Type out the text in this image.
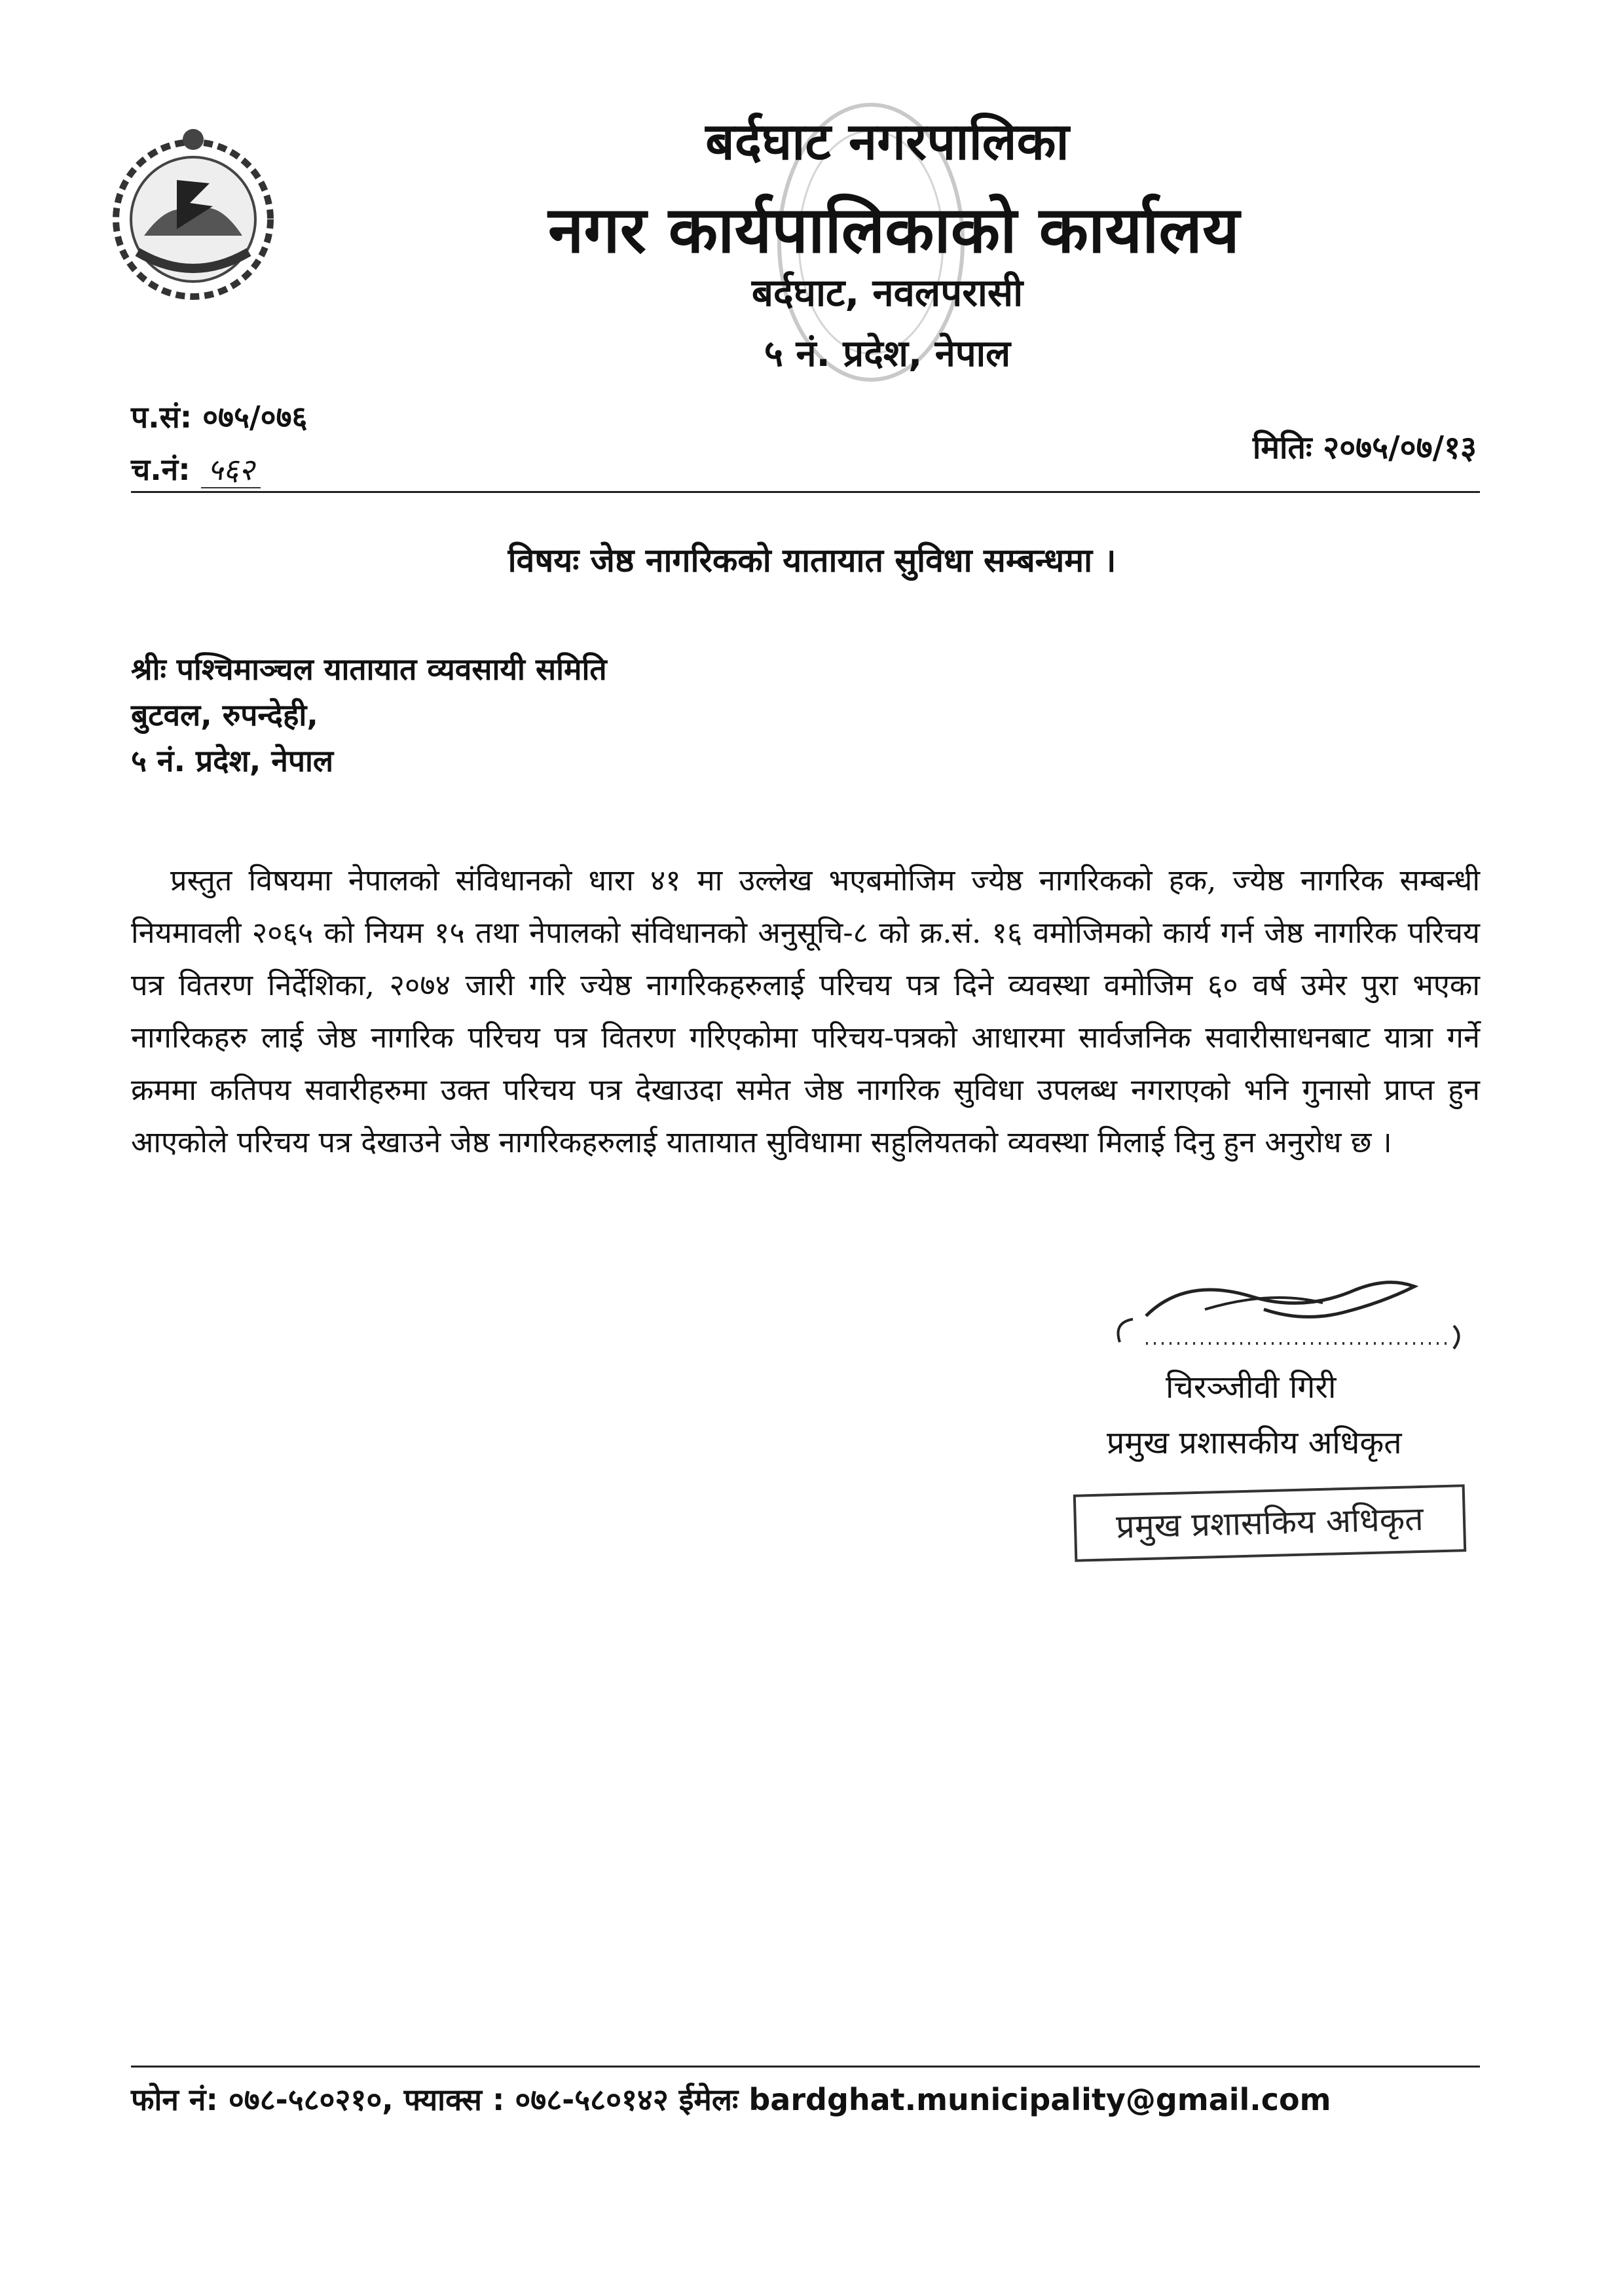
बर्दघाट नगरपालिका
नगर कार्यपालिकाको कार्यालय
बर्दघाट, नवलपरासी
५ नं. प्रदेश, नेपाल
प.सं: ०७५/०७६
च.नं: ५६२
मितिः २०७५/०७/१३
विषयः जेष्ठ नागरिकको यातायात सुविधा सम्बन्धमा ।
श्रीः पश्चिमाञ्चल यातायात व्यवसायी समिति
बुटवल, रुपन्देही,
५ नं. प्रदेश, नेपाल
प्रस्तुत विषयमा नेपालको संविधानको धारा ४१ मा उल्लेख भएबमोजिम ज्येष्ठ नागरिकको हक, ज्येष्ठ नागरिक सम्बन्धी नियमावली २०६५ को नियम १५ तथा नेपालको संविधानको अनुसूचि-८ को क्र.सं. १६ वमोजिमको कार्य गर्न जेष्ठ नागरिक परिचय पत्र वितरण निर्देशिका, २०७४ जारी गरि ज्येष्ठ नागरिकहरुलाई परिचय पत्र दिने व्यवस्था वमोजिम ६० वर्ष उमेर पुरा भएका नागरिकहरु लाई जेष्ठ नागरिक परिचय पत्र वितरण गरिएकोमा परिचय-पत्रको आधारमा सार्वजनिक सवारीसाधनबाट यात्रा गर्ने क्रममा कतिपय सवारीहरुमा उक्त परिचय पत्र देखाउदा समेत जेष्ठ नागरिक सुविधा उपलब्ध नगराएको भनि गुनासो प्राप्त हुन आएकोले परिचय पत्र देखाउने जेष्ठ नागरिकहरुलाई यातायात सुविधामा सहुलियतको व्यवस्था मिलाई दिनु हुन अनुरोध छ ।
चिरञ्जीवी गिरी
प्रमुख प्रशासकीय अधिकृत
प्रमुख प्रशासकिय अधिकृत
फोन नं: ०७८-५८०२१०, फ्याक्स : ०७८-५८०१४२ ईमेलः bardghat.municipality@gmail.com
